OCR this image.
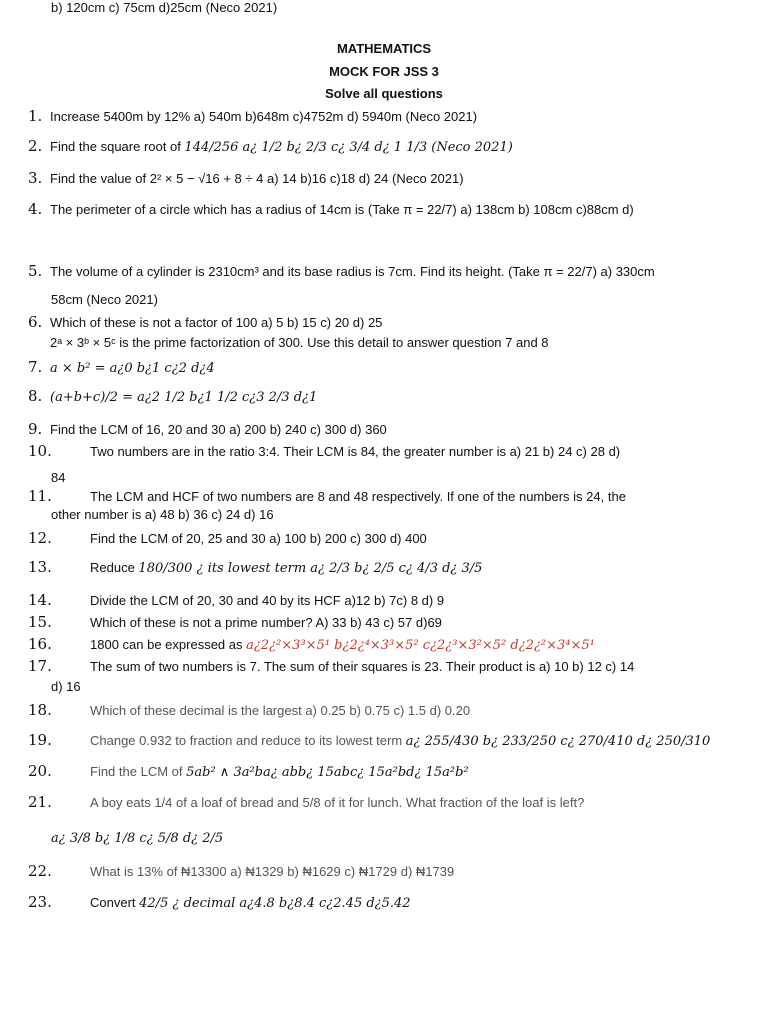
MATHEMATICS
MOCK FOR JSS 3
Solve all questions
1. Increase 5400m by 12% a) 540m b)648m c)4752m d) 5940m (Neco 2021)
2. Find the square root of 144/256 a¿ 1/2 b¿ 2/3 c¿ 3/4 d¿ 1 1/3 (Neco 2021)
3. Find the value of 2² × 5 − √16 + 8 ÷ 4 a) 14 b)16 c)18 d) 24 (Neco 2021)
4. The perimeter of a circle which has a radius of 14cm is (Take π = 22/7) a) 138cm b) 108cm c)88cm d)
58cm (Neco 2021)
5. The volume of a cylinder is 2310cm³ and its base radius is 7cm. Find its height. (Take π = 22/7) a) 330cm
b) 120cm c) 75cm d)25cm (Neco 2021)
6. Which of these is not a factor of 100 a) 5 b) 15 c) 20 d) 25
2ᵃ × 3ᵇ × 5ᶜ is the prime factorization of 300. Use this detail to answer question 7 and 8
7. a × b² = a¿0 b¿1 c¿2 d¿4
8. (a+b+c)/2 = a¿2 1/2 b¿1 1/2 c¿3 2/3 d¿1
9. Find the LCM of 16, 20 and 30 a) 200 b) 240 c) 300 d) 360
10.	Two numbers are in the ratio 3:4. Their LCM is 84, the greater number is a) 21 b) 24 c) 28 d)
84
11.	The LCM and HCF of two numbers are 8 and 48 respectively. If one of the numbers is 24, the
other number is a) 48 b) 36 c) 24 d) 16
12.	Find the LCM of 20, 25 and 30 a) 100 b) 200 c) 300 d) 400
13.	Reduce 180/300 ¿ its lowest term a¿ 2/3 b¿ 2/5 c¿ 4/3 d¿ 3/5
14.	Divide the LCM of 20, 30 and 40 by its HCF a)12 b) 7c) 8 d) 9
15.	Which of these is not a prime number? A) 33 b) 43 c) 57 d)69
16.	1800 can be expressed as a¿2¿²×3³×5¹ b¿2¿⁴×3³×5² c¿2¿³×3²×5² d¿2¿²×3⁴×5¹
17.	The sum of two numbers is 7. The sum of their squares is 23. Their product is a) 10 b) 12 c) 14
d) 16
18.	Which of these decimal is the largest a) 0.25 b) 0.75 c) 1.5 d) 0.20
19.	Change 0.932 to fraction and reduce to its lowest term a¿ 255/430 b¿ 233/250 c¿ 270/410 d¿ 250/310
20.	Find the LCM of 5ab² ∧ 3a²ba¿ abb¿ 15abc¿ 15a²bd¿ 15a²b²
21.	A boy eats 1/4 of a loaf of bread and 5/8 of it for lunch. What fraction of the loaf is left?
a¿ 3/8 b¿ 1/8 c¿ 5/8 d¿ 2/5
22.	What is 13% of ₦13300 a) ₦1329 b) ₦1629 c) ₦1729 d) ₦1739
23.	Convert 42/5 ¿ decimal a¿4.8 b¿8.4 c¿2.45 d¿5.42
